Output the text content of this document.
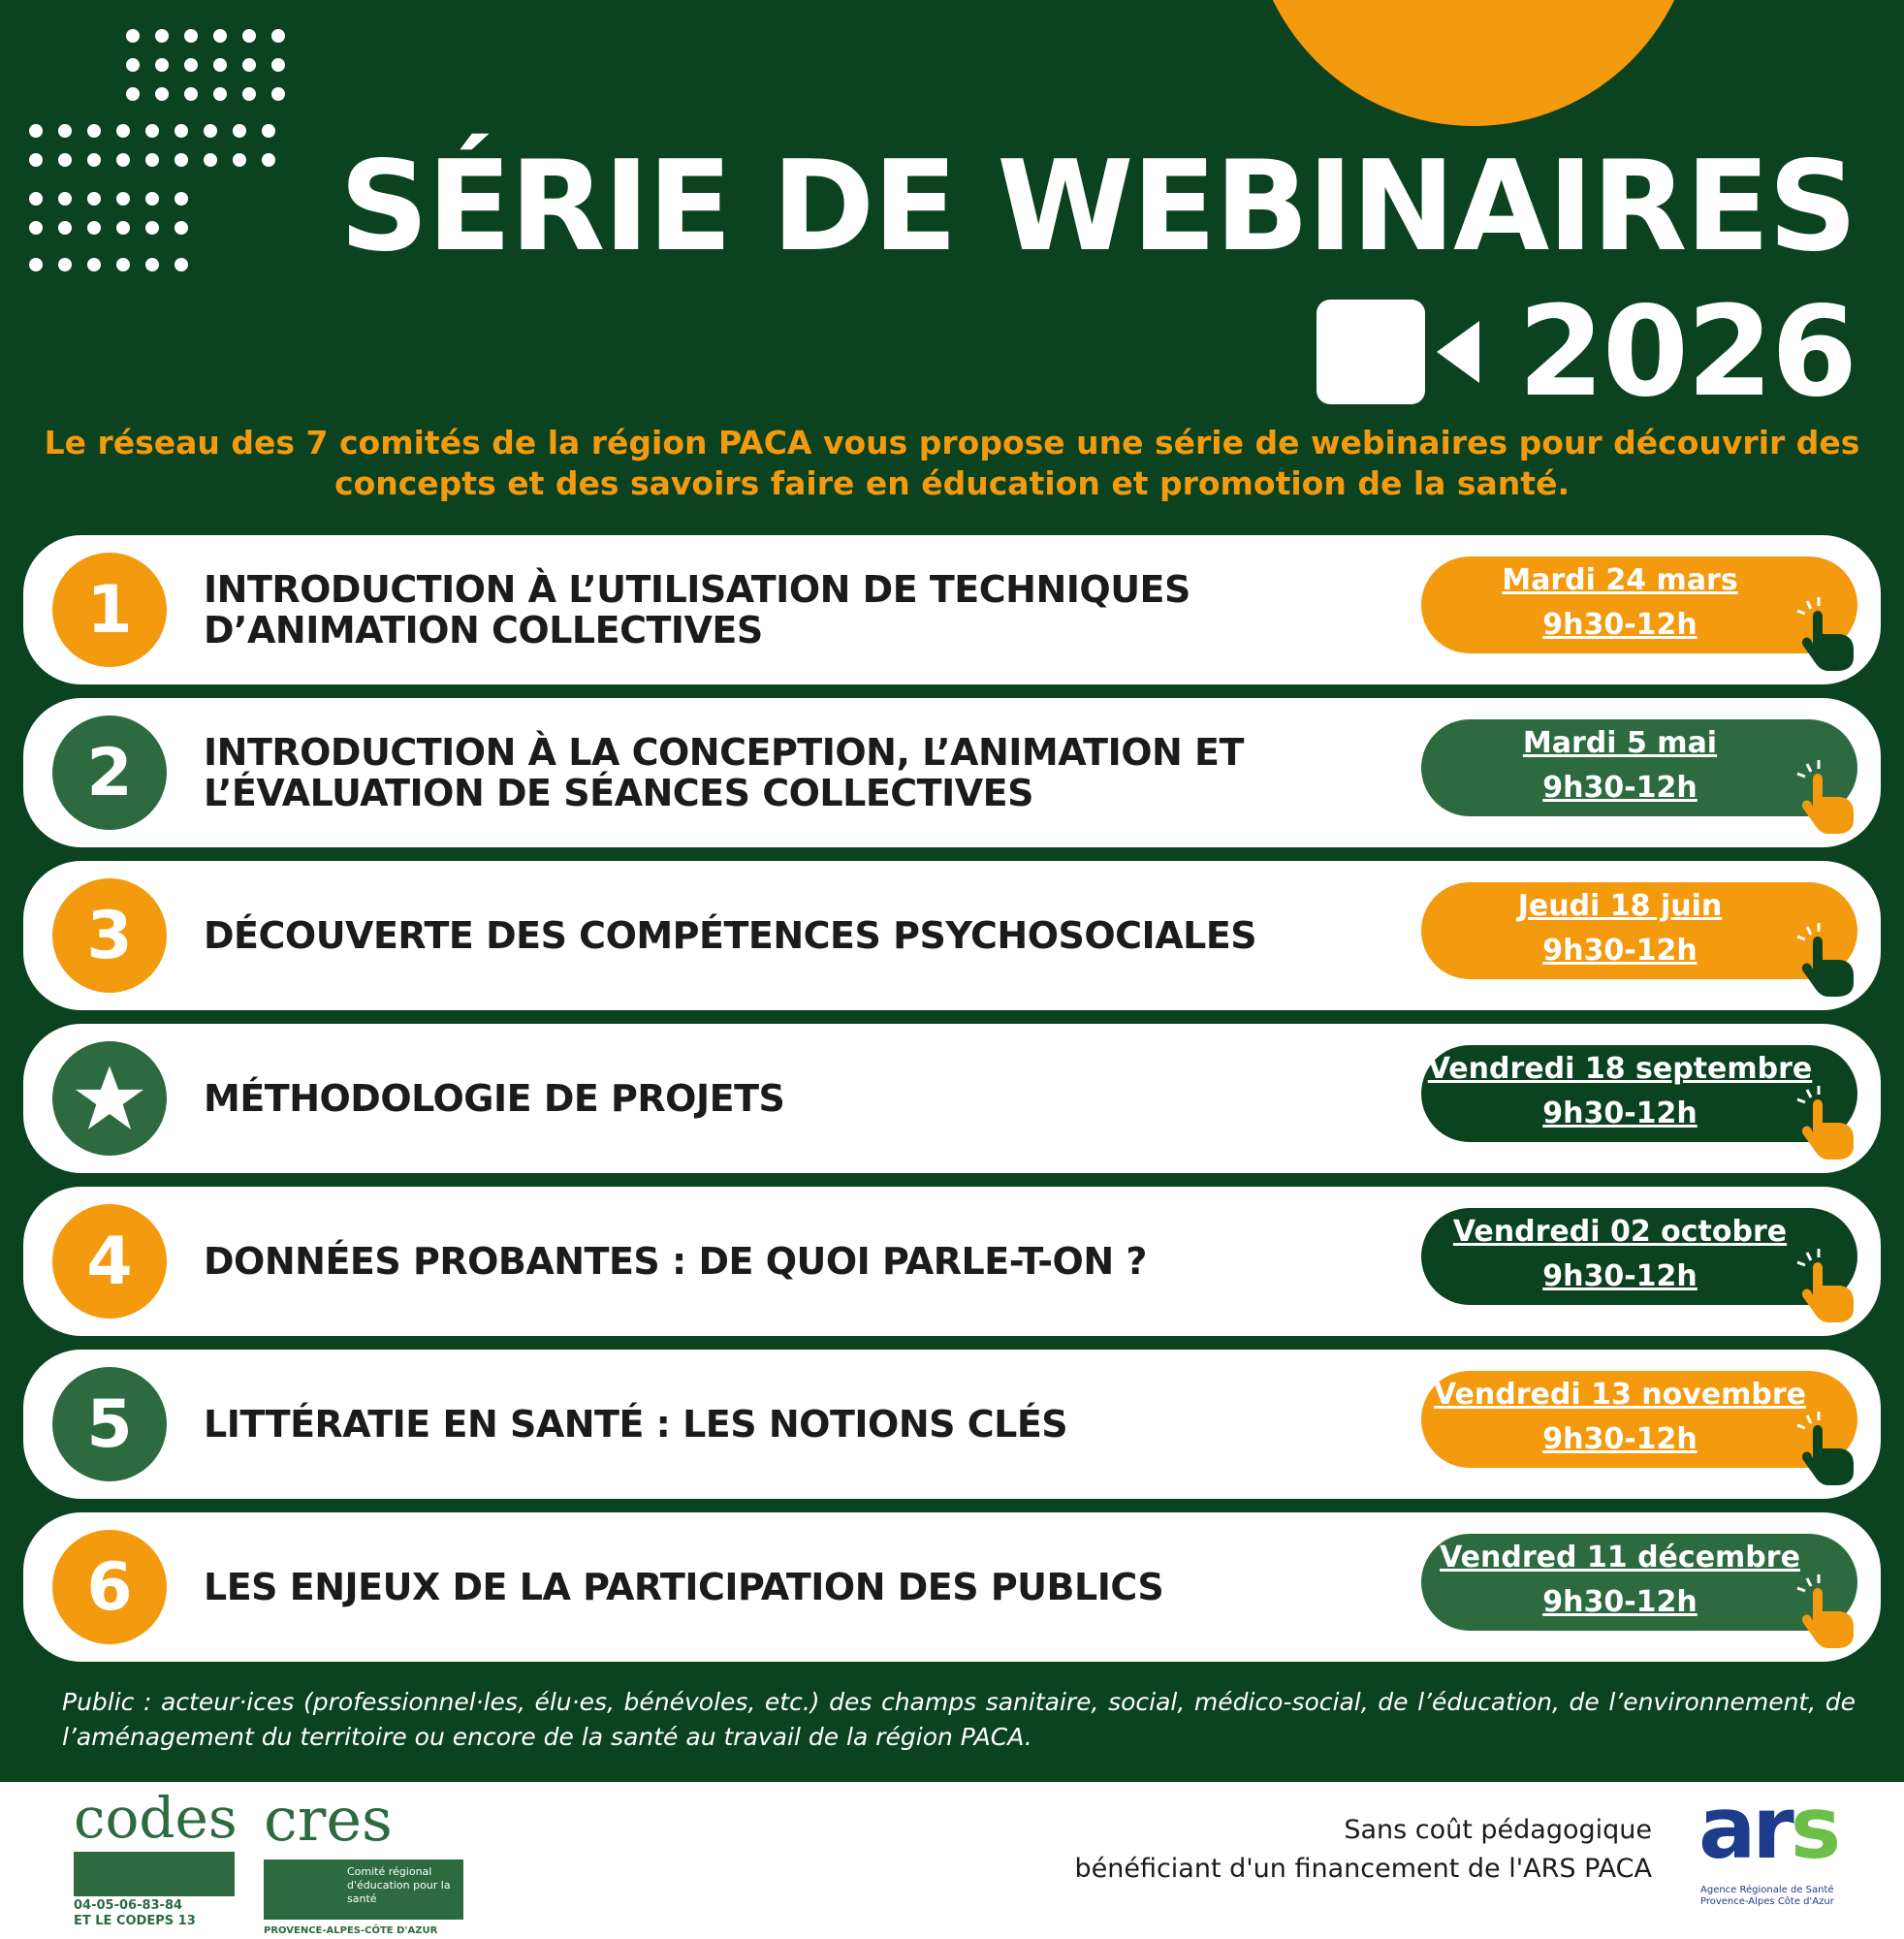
SÉRIE DE WEBINAIRES
2026
Le réseau des 7 comités de la région PACA vous propose une série de webinaires pour découvrir des concepts et des savoirs faire en éducation et promotion de la santé.
1	INTRODUCTION À L’UTILISATION DE TECHNIQUES D’ANIMATION COLLECTIVES
Mardi 24 mars
9h30-12h
2	INTRODUCTION À LA CONCEPTION, L’ANIMATION ET L’ÉVALUATION DE SÉANCES COLLECTIVES
Mardi 5 mai
9h30-12h
3	DÉCOUVERTE DES COMPÉTENCES PSYCHOSOCIALES
Jeudi 18 juin
9h30-12h
MÉTHODOLOGIE DE PROJETS
Vendredi 18 septembre
9h30-12h
4	DONNÉES PROBANTES : DE QUOI PARLE-T-ON ?
Vendredi 02 octobre
9h30-12h
5	LITTÉRATIE EN SANTÉ : LES NOTIONS CLÉS
Vendredi 13 novembre
9h30-12h
6	LES ENJEUX DE LA PARTICIPATION DES PUBLICS
Vendred 11 décembre
9h30-12h
Public : acteur·ices (professionnel·les, élu·es, bénévoles, etc.) des champs sanitaire, social, médico-social, de l’éducation, de l’environnement, de l’aménagement du territoire ou encore de la santé au travail de la région PACA.
codes
04-05-06-83-84
ET LE CODEPS 13
cres
Comité régional d'éducation pour la santé
PROVENCE-ALPES-CÔTE D'AZUR
Sans coût pédagogique
bénéficiant d'un financement de l'ARS PACA ars
Agence Régionale de Santé Provence-Alpes Côte d'Azur
